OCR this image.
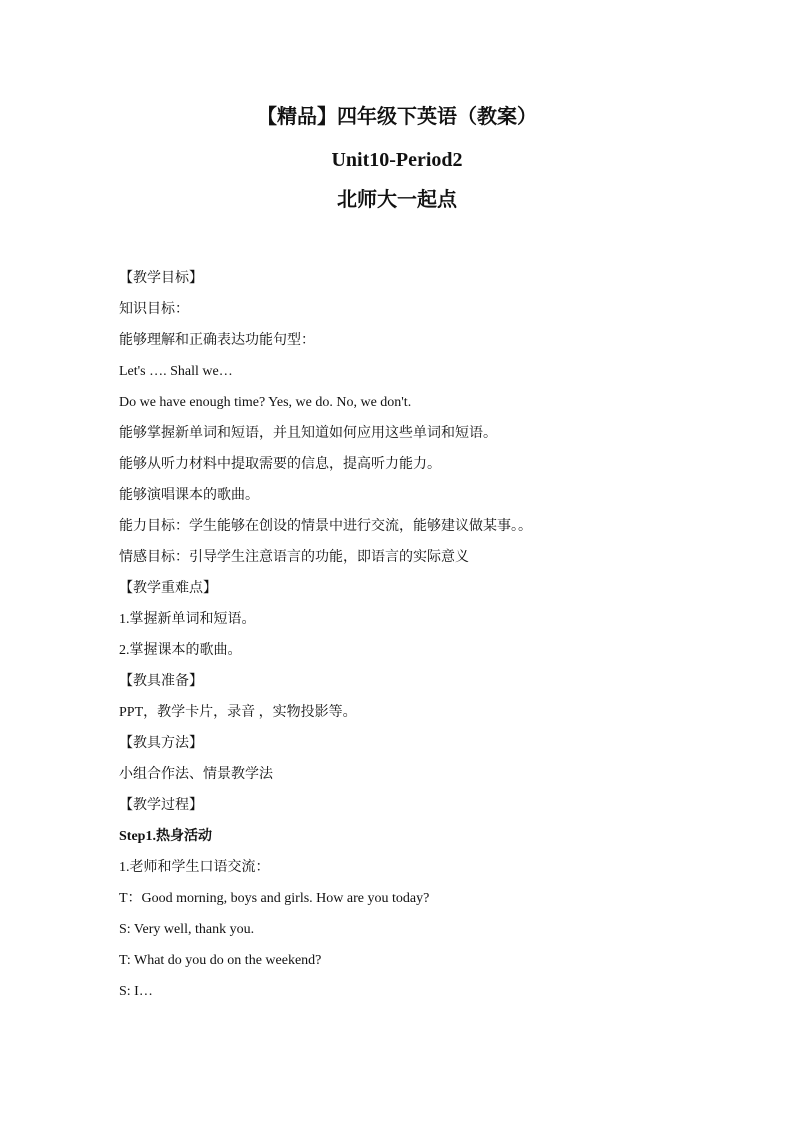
【精品】四年级下英语（教案）
Unit10-Period2
北师大一起点
【教学目标】
知识目标：
能够理解和正确表达功能句型：
Let's …. Shall we…
Do we have enough time? Yes, we do. No, we don't.
能够掌握新单词和短语，并且知道如何应用这些单词和短语。
能够从听力材料中提取需要的信息，提高听力能力。
能够演唱课本的歌曲。
能力目标：学生能够在创设的情景中进行交流，能够建议做某事。。
情感目标：引导学生注意语言的功能，即语言的实际意义
【教学重难点】
1.掌握新单词和短语。
2.掌握课本的歌曲。
【教具准备】
PPT，教学卡片，录音 ，实物投影等。
【教具方法】
小组合作法、情景教学法
【教学过程】
Step1.热身活动
1.老师和学生口语交流：
T：Good morning, boys and girls. How are you today?
S: Very well, thank you.
T: What do you do on the weekend?
S: I…
